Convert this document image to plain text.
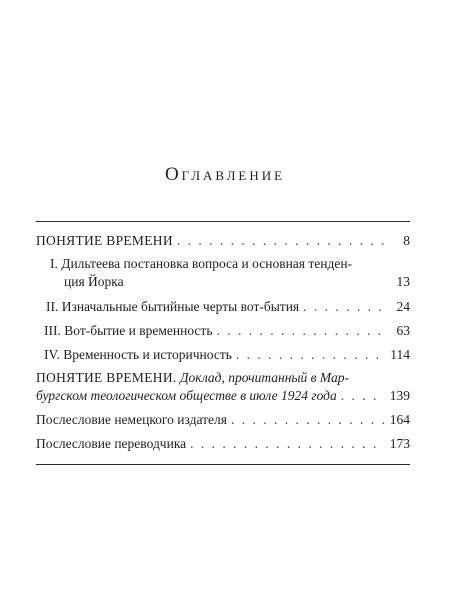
Оглавление
ПОНЯТИЕ ВРЕМЕНИ . . .	8
I. Дильтеева постановка вопроса и основная тенден-
ция Йорка	13
II. Изначальные бытийные черты вот-бытия . . .	24
III. Вот-бытие и временность . . .	63
IV. Временность и историчность . . .	114
ПОНЯТИЕ ВРЕМЕНИ. Доклад, прочитанный в Мар-
бургском теологическом обществе в июле 1924 года . . .	139
Послесловие немецкого издателя . . .	164
Послесловие переводчика . . .	173
